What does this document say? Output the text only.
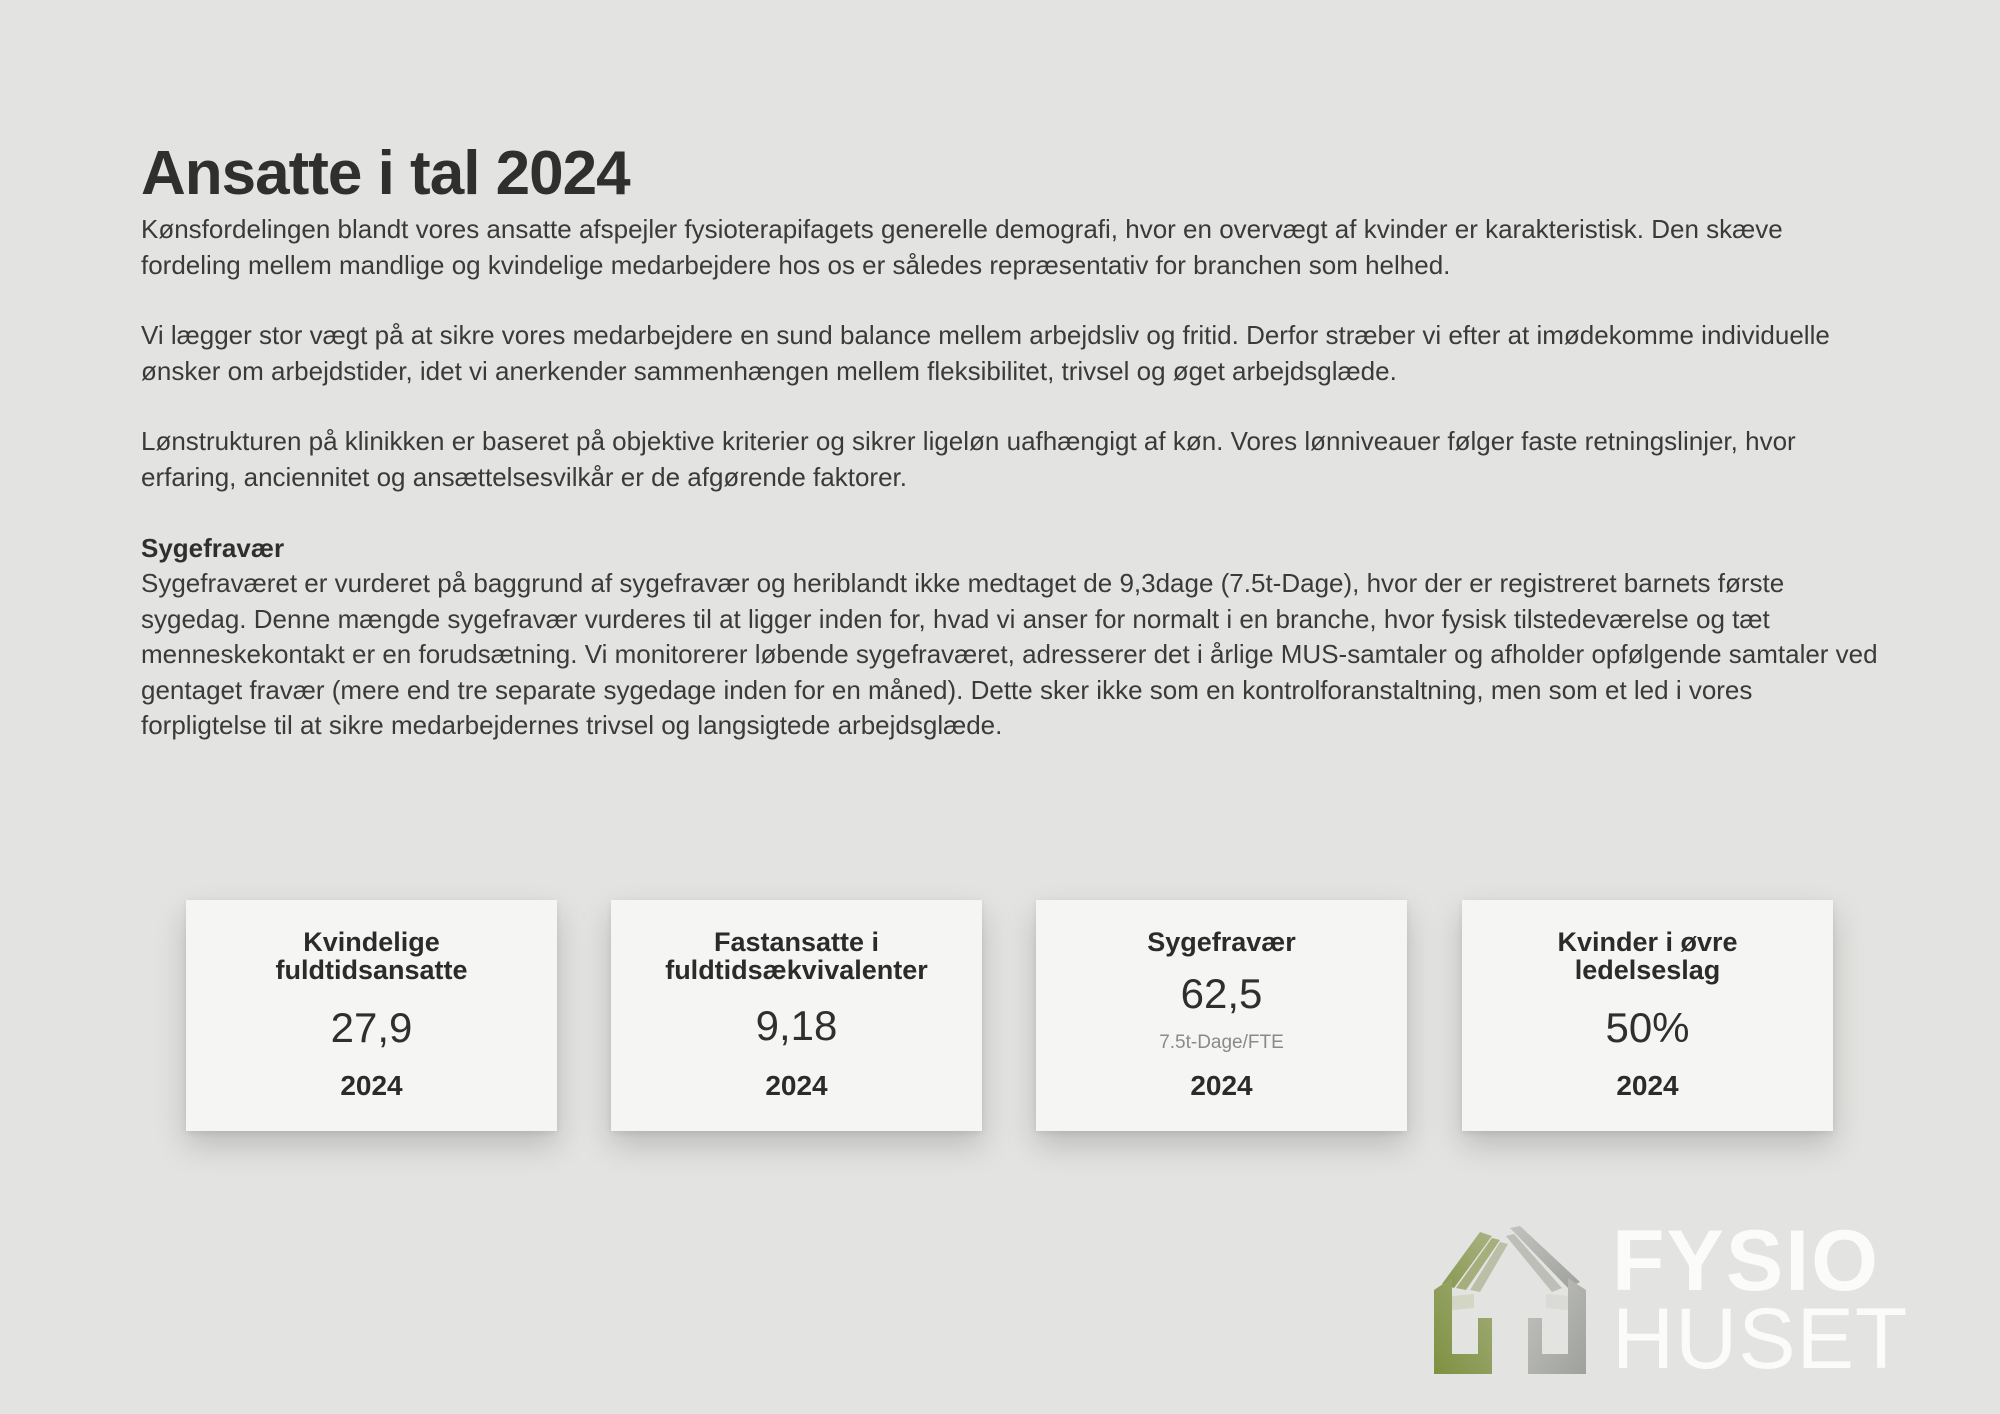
Ansatte i tal 2024

Kønsfordelingen blandt vores ansatte afspejler fysioterapifagets generelle demografi, hvor en overvægt af kvinder er karakteristisk. Den skæve fordeling mellem mandlige og kvindelige medarbejdere hos os er således repræsentativ for branchen som helhed.

Vi lægger stor vægt på at sikre vores medarbejdere en sund balance mellem arbejdsliv og fritid. Derfor stræber vi efter at imødekomme individuelle ønsker om arbejdstider, idet vi anerkender sammenhængen mellem fleksibilitet, trivsel og øget arbejdsglæde.

Lønstrukturen på klinikken er baseret på objektive kriterier og sikrer ligeløn uafhængigt af køn. Vores lønniveauer følger faste retningslinjer, hvor erfaring, anciennitet og ansættelsesvilkår er de afgørende faktorer.

Sygefravær

Sygefraværet er vurderet på baggrund af sygefravær og heriblandt ikke medtaget de 9,3dage (7.5t-Dage), hvor der er registreret barnets første sygedag. Denne mængde sygefravær vurderes til at ligger inden for, hvad vi anser for normalt i en branche, hvor fysisk tilstedeværelse og tæt menneskekontakt er en forudsætning. Vi monitorerer løbende sygefraværet, adresserer det i årlige MUS-samtaler og afholder opfølgende samtaler ved gentaget fravær (mere end tre separate sygedage inden for en måned). Dette sker ikke som en kontrolforanstaltning, men som et led i vores forpligtelse til at sikre medarbejdernes trivsel og langsigtede arbejdsglæde.

Kvindelige fuldtidsansatte
27,9
2024
Fastansatte i fuldtidsækvivalenter
9,18
2024
Sygefravær
62,5
7.5t-Dage/FTE
2024
Kvinder i øvre ledelseslag
50%
2024
FYSIO
HUSET
